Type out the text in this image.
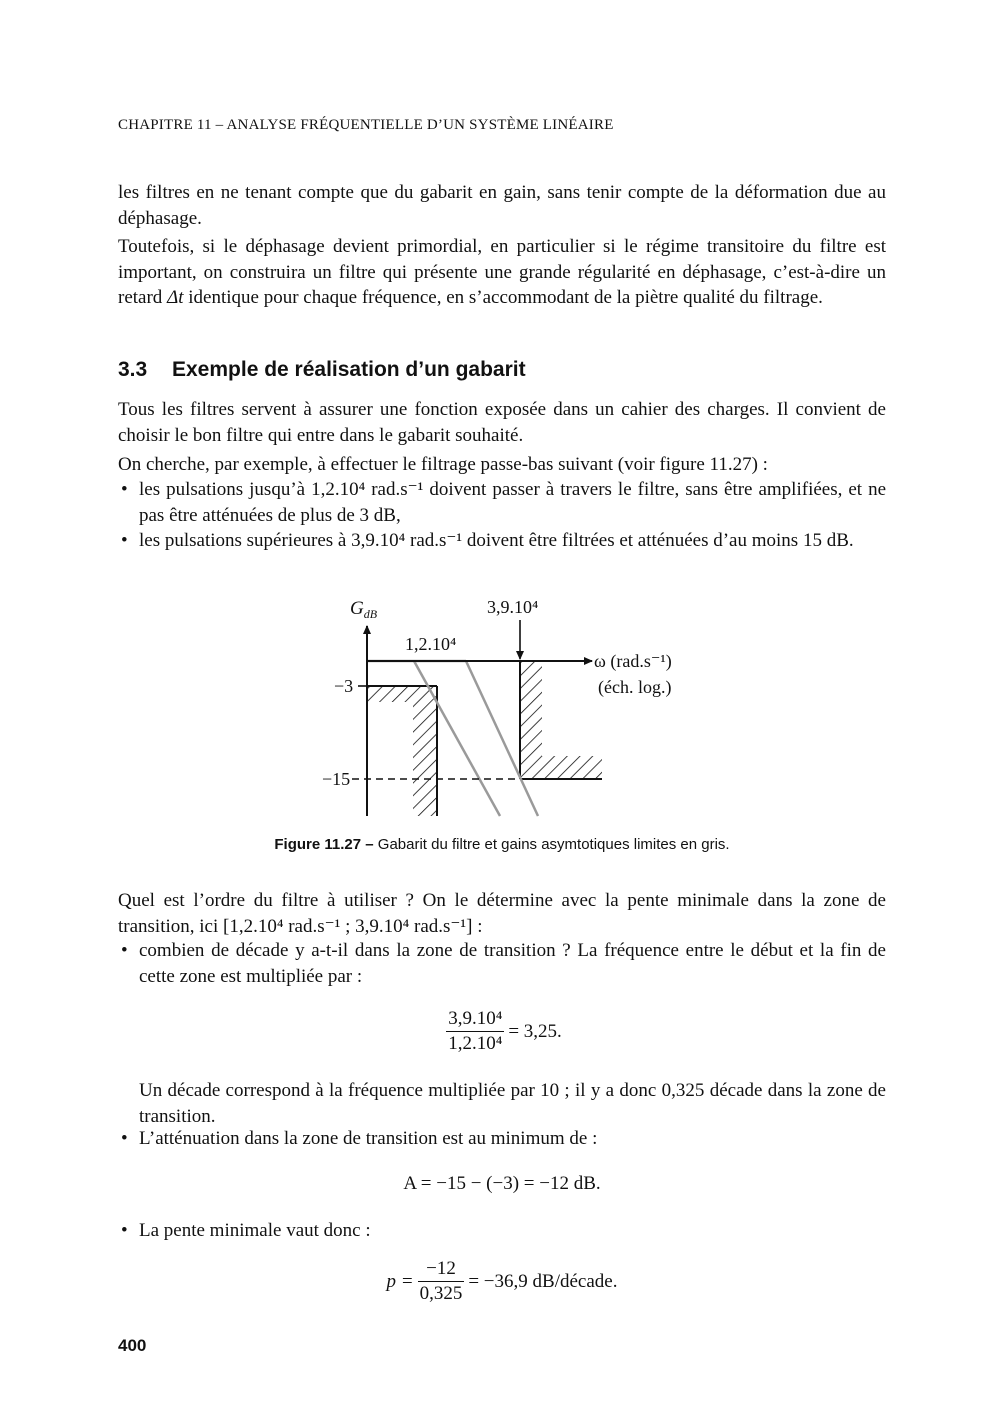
CHAPITRE 11 – ANALYSE FRÉQUENTIELLE D’UN SYSTÈME LINÉAIRE

les filtres en ne tenant compte que du gabarit en gain, sans tenir compte de la déformation due au déphasage.

Toutefois, si le déphasage devient primordial, en particulier si le régime transitoire du filtre est important, on construira un filtre qui présente une grande régularité en déphasage, c’est-à-dire un retard Δt identique pour chaque fréquence, en s’accommodant de la piètre qualité du filtrage.

3.3 Exemple de réalisation d’un gabarit

Tous les filtres servent à assurer une fonction exposée dans un cahier des charges. Il convient de choisir le bon filtre qui entre dans le gabarit souhaité.

On cherche, par exemple, à effectuer le filtrage passe-bas suivant (voir figure 11.27) :

• les pulsations jusqu’à 1,2.10⁴ rad.s⁻¹ doivent passer à travers le filtre, sans être amplifiées, et ne pas être atténuées de plus de 3 dB,
• les pulsations supérieures à 3,9.10⁴ rad.s⁻¹ doivent être filtrées et atténuées d’au moins 15 dB.
$G_{dB}$	3,9.10⁴
1,2.10⁴
ω (rad.s⁻¹)
(éch. log.)
−3
−15
Figure 11.27 – Gabarit du filtre et gains asymtotiques limites en gris.

Quel est l’ordre du filtre à utiliser ? On le détermine avec la pente minimale dans la zone de transition, ici [1,2.10⁴ rad.s⁻¹ ; 3,9.10⁴ rad.s⁻¹] :

• combien de décade y a-t-il dans la zone de transition ? La fréquence entre le début et la fin de cette zone est multipliée par :
$\frac{\text{3,9.10⁴}}{\text{1,2.10⁴}} = 3,25$.

Un décade correspond à la fréquence multipliée par 10 ; il y a donc 0,325 décade dans la zone de transition.

• L’atténuation dans la zone de transition est au minimum de :
A = −15 − (−3) = −12 dB.
• La pente minimale vaut donc :
$p = \frac{-12}{0,325} = -36,9$ dB/décade.
400
